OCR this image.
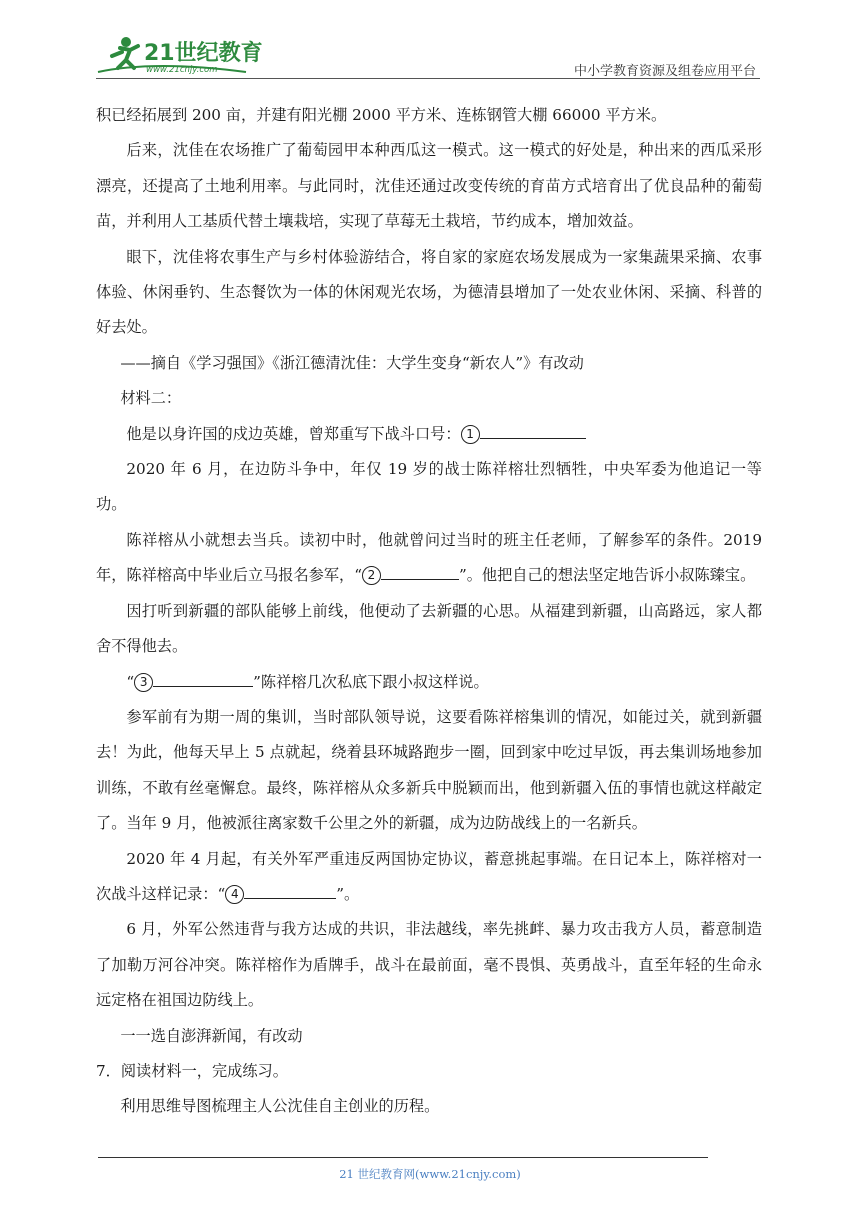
21世纪教育
www.21cnjy.com	中小学教育资源及组卷应用平台

积已经拓展到 200 亩，并建有阳光棚 2000 平方米、连栋钢管大棚 66000 平方米。

后来，沈佳在农场推广了葡萄园甲本种西瓜这一模式。这一模式的好处是，种出来的西瓜采形漂亮，还提高了土地利用率。与此同时，沈佳还通过改变传统的育苗方式培育出了优良品种的葡萄苗，并利用人工基质代替土壤栽培，实现了草莓无土栽培，节约成本，增加效益。

眼下，沈佳将农事生产与乡村体验游结合，将自家的家庭农场发展成为一家集蔬果采摘、农事体验、休闲垂钓、生态餐饮为一体的休闲观光农场，为德清县增加了一处农业休闲、采摘、科普的好去处。

——摘自《学习强国》《浙江德清沈佳：大学生变身“新农人”》有改动

材料二：

他是以身许国的戍边英雄，曾郑重写下战斗口号： 1

2020 年 6 月，在边防斗争中，年仅 19 岁的战士陈祥榕壮烈牺牲，中央军委为他追记一等功。

陈祥榕从小就想去当兵。读初中时，他就曾问过当时的班主任老师，了解参军的条件。2019 年，陈祥榕高中毕业后立马报名参军，“ 2	”。他把自己的想法坚定地告诉小叔陈臻宝。

因打听到新疆的部队能够上前线，他便动了去新疆的心思。从福建到新疆，山高路远，家人都舍不得他去。

“ 3	”陈祥榕几次私底下跟小叔这样说。

参军前有为期一周的集训，当时部队领导说，这要看陈祥榕集训的情况，如能过关，就到新疆去！为此，他每天早上 5 点就起，绕着县环城路跑步一圈，回到家中吃过早饭，再去集训场地参加训练，不敢有丝毫懈怠。最终，陈祥榕从众多新兵中脱颖而出，他到新疆入伍的事情也就这样敲定了。当年 9 月，他被派往离家数千公里之外的新疆，成为边防战线上的一名新兵。

2020 年 4 月起，有关外军严重违反两国协定协议，蓄意挑起事端。在日记本上，陈祥榕对一次战斗这样记录：“ 4	”。

6 月，外军公然违背与我方达成的共识，非法越线，率先挑衅、暴力攻击我方人员，蓄意制造了加勒万河谷冲突。陈祥榕作为盾牌手，战斗在最前面，毫不畏惧、英勇战斗，直至年轻的生命永远定格在祖国边防线上。

一一选自澎湃新闻，有改动

7．阅读材料一，完成练习。

利用思维导图梳理主人公沈佳自主创业的历程。

21 世纪教育网(www.21cnjy.com)
